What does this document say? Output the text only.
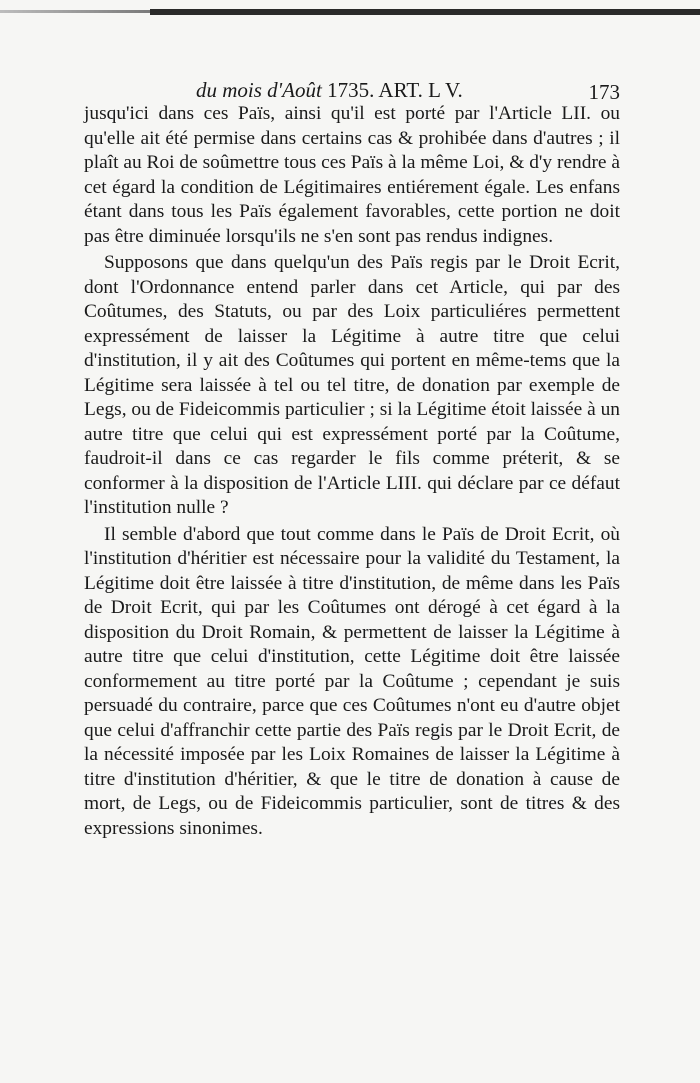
du mois d'Août 1735. ART. L V.	173

jusqu'ici dans ces Païs, ainsi qu'il est porté par l'Article LII. ou qu'elle ait été permise dans certains cas & prohibée dans d'autres ; il plaît au Roi de soûmettre tous ces Païs à la même Loi, & d'y rendre à cet égard la condition de Légitimaires entiérement égale. Les enfans étant dans tous les Païs également favorables, cette portion ne doit pas être diminuée lorsqu'ils ne s'en sont pas rendus indignes.

Supposons que dans quelqu'un des Païs regis par le Droit Ecrit, dont l'Ordonnance entend parler dans cet Article, qui par des Coûtumes, des Statuts, ou par des Loix particuliéres permettent expressément de laisser la Légitime à autre titre que celui d'institution, il y ait des Coûtumes qui portent en même-tems que la Légitime sera laissée à tel ou tel titre, de donation par exemple de Legs, ou de Fideicommis particulier ; si la Légitime étoit laissée à un autre titre que celui qui est expressément porté par la Coûtume, faudroit-il dans ce cas regarder le fils comme préterit, & se conformer à la disposition de l'Article LIII. qui déclare par ce défaut l'institution nulle ?

Il semble d'abord que tout comme dans le Païs de Droit Ecrit, où l'institution d'héritier est nécessaire pour la validité du Testament, la Légitime doit être laissée à titre d'institution, de même dans les Païs de Droit Ecrit, qui par les Coûtumes ont dérogé à cet égard à la disposition du Droit Romain, & permettent de laisser la Légitime à autre titre que celui d'institution, cette Légitime doit être laissée conformement au titre porté par la Coûtume ; cependant je suis persuadé du contraire, parce que ces Coûtumes n'ont eu d'autre objet que celui d'affranchir cette partie des Païs regis par le Droit Ecrit, de la nécessité imposée par les Loix Romaines de laisser la Légitime à titre d'institution d'héritier, & que le titre de donation à cause de mort, de Legs, ou de Fideicommis particulier, sont de titres & des expressions sinonimes.
